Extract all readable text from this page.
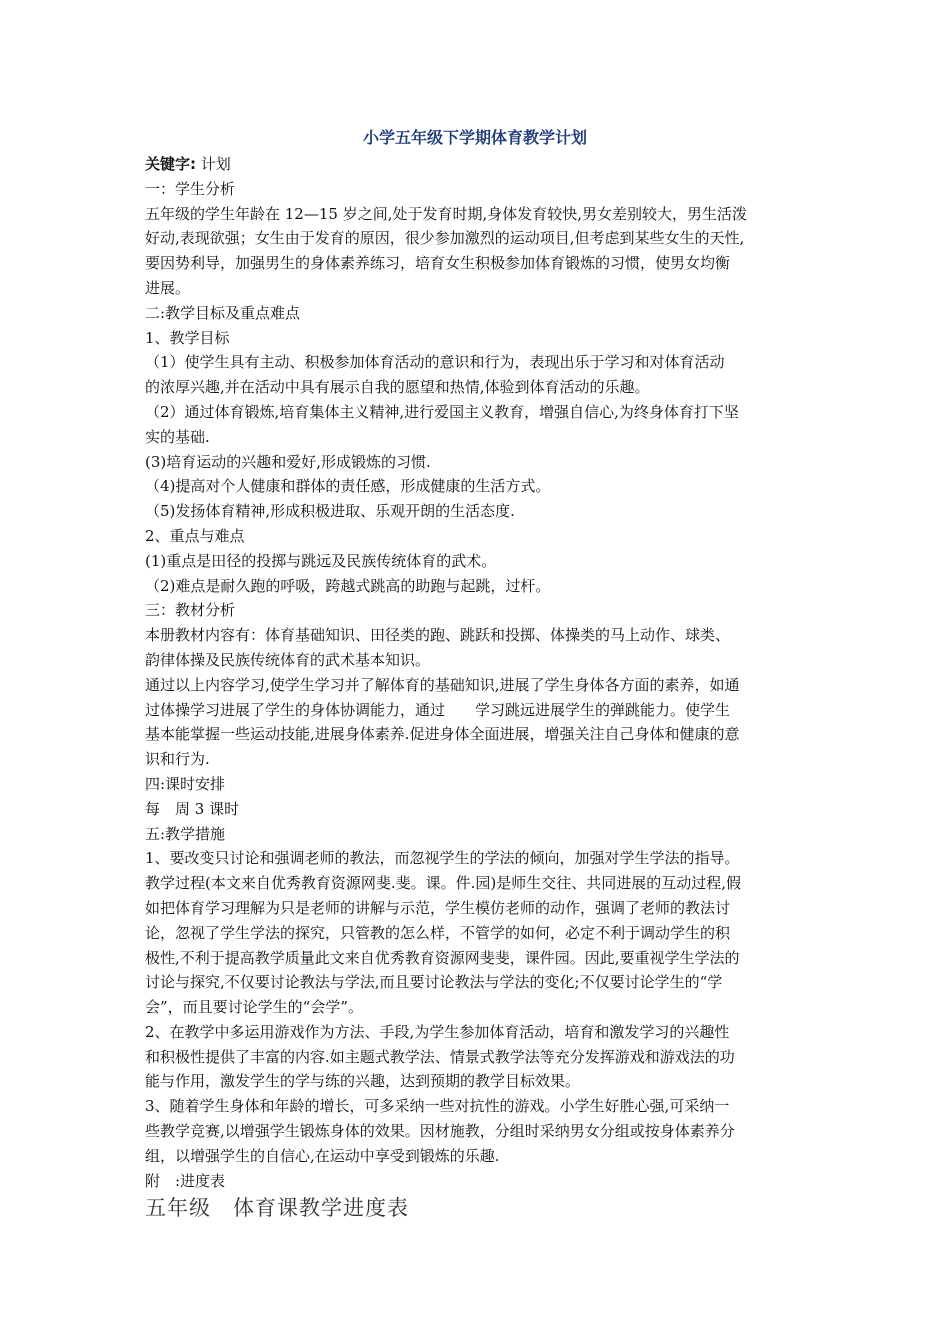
小学五年级下学期体育教学计划
关键字: 计划
一：学生分析
五年级的学生年龄在 12—15 岁之间,处于发育时期,身体发育较快,男女差别较大，男生活泼
好动,表现欲强；女生由于发育的原因，很少参加激烈的运动项目,但考虑到某些女生的天性,
要因势利导，加强男生的身体素养练习，培育女生积极参加体育锻炼的习惯，使男女均衡
进展。
二:教学目标及重点难点
1、教学目标
（1）使学生具有主动、积极参加体育活动的意识和行为，表现出乐于学习和对体育活动
的浓厚兴趣,并在活动中具有展示自我的愿望和热情,体验到体育活动的乐趣。
（2）通过体育锻炼,培育集体主义精神,进行爱国主义教育，增强自信心,为终身体育打下坚
实的基础.
(3)培育运动的兴趣和爱好,形成锻炼的习惯.
（4)提高对个人健康和群体的责任感，形成健康的生活方式。
（5)发扬体育精神,形成积极进取、乐观开朗的生活态度.
2、重点与难点
(1)重点是田径的投掷与跳远及民族传统体育的武术。
（2)难点是耐久跑的呼吸，跨越式跳高的助跑与起跳，过杆。
三：教材分析
本册教材内容有：体育基础知识、田径类的跑、跳跃和投掷、体操类的马上动作、球类、
韵律体操及民族传统体育的武术基本知识。
通过以上内容学习,使学生学习并了解体育的基础知识,进展了学生身体各方面的素养，如通
过体操学习进展了学生的身体协调能力，通过　　学习跳远进展学生的弹跳能力。使学生
基本能掌握一些运动技能,进展身体素养.促进身体全面进展，增强关注自己身体和健康的意
识和行为.
四:课时安排
每　周 3 课时
五:教学措施
1、要改变只讨论和强调老师的教法，而忽视学生的学法的倾向，加强对学生学法的指导。
教学过程(本文来自优秀教育资源网斐.斐。课。件.园)是师生交往、共同进展的互动过程,假
如把体育学习理解为只是老师的讲解与示范，学生模仿老师的动作，强调了老师的教法讨
论，忽视了学生学法的探究，只管教的怎么样，不管学的如何，必定不利于调动学生的积
极性,不利于提高教学质量此文来自优秀教育资源网斐斐，课件园。因此,要重视学生学法的
讨论与探究,不仅要讨论教法与学法,而且要讨论教法与学法的变化;不仅要讨论学生的“学
会”，而且要讨论学生的“会学”。
2、在教学中多运用游戏作为方法、手段,为学生参加体育活动，培育和激发学习的兴趣性
和积极性提供了丰富的内容.如主题式教学法、情景式教学法等充分发挥游戏和游戏法的功
能与作用，激发学生的学与练的兴趣，达到预期的教学目标效果。
3、随着学生身体和年龄的增长，可多采纳一些对抗性的游戏。小学生好胜心强,可采纳一
些教学竞赛,以增强学生锻炼身体的效果。因材施教，分组时采纳男女分组或按身体素养分
组，以增强学生的自信心,在运动中享受到锻炼的乐趣.
附　:进度表
五年级　体育课教学进度表
